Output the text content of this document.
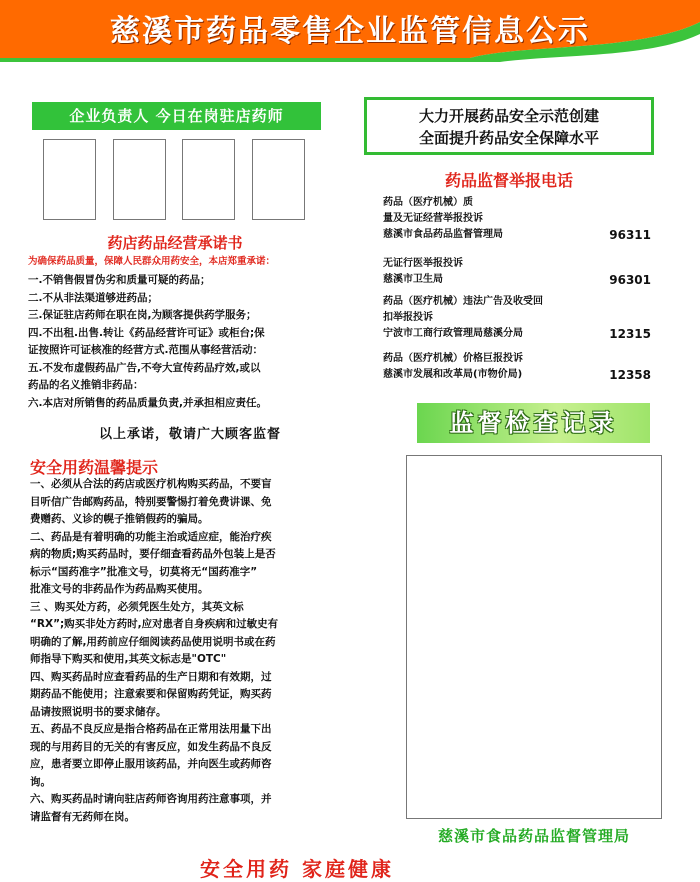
慈溪市药品零售企业监管信息公示
企业负责人 今日在岗驻店药师	大力开展药品安全示范创建
全面提升药品安全保障水平
药店药品经营承诺书
为确保药品质量，保障人民群众用药安全，本店郑重承诺：
一.不销售假冒伪劣和质量可疑的药品；
二.不从非法渠道够进药品；
三.保证驻店药师在职在岗,为顾客提供药学服务；
四.不出租.出售.转让《药品经营许可证》或柜台;保
证按照许可证核准的经营方式.范围从事经营活动：
五.不发布虚假药品广告,不夸大宣传药品疗效,或以
药品的名义推销非药品：
六.本店对所销售的药品质量负责,并承担相应责任。
以上承诺，敬请广大顾客监督
安全用药温馨提示
一、必须从合法的药店或医疗机构购买药品，不要盲
目听信广告邮购药品，特别要警惕打着免费讲课、免
费赠药、义诊的幌子推销假药的骗局。
二、药品是有着明确的功能主治或适应症，能治疗疾
病的物质;购买药品时，要仔细查看药品外包装上是否
标示“国药准字”批准文号，切莫将无“国药准字”
批准文号的非药品作为药品购买使用。
三 、购买处方药，必须凭医生处方，其英文标
“RX”;购买非处方药时,应对患者自身疾病和过敏史有
明确的了解,用药前应仔细阅读药品使用说明书或在药
师指导下购买和使用,其英文标志是"OTC"
四、购买药品时应查看药品的生产日期和有效期，过
期药品不能使用；注意索要和保留购药凭证，购买药
品请按照说明书的要求储存。
五、药品不良反应是指合格药品在正常用法用量下出
现的与用药目的无关的有害反应，如发生药品不良反
应，患者要立即停止服用该药品，并向医生或药师咨
询。
六、购买药品时请向驻店药师咨询用药注意事项，并
请监督有无药师在岗。
药品监督举报电话
药品（医疗机械）质
量及无证经营举报投诉
慈溪市食品药品监督管理局	96311
无证行医举报投诉
慈溪市卫生局	96301
药品（医疗机械）违法广告及收受回
扣举报投诉
宁波市工商行政管理局慈溪分局	12315
药品（医疗机械）价格巨报投诉
慈溪市发展和改革局(市物价局)	12358
监督检查记录
慈溪市食品药品监督管理局
安全用药 家庭健康
